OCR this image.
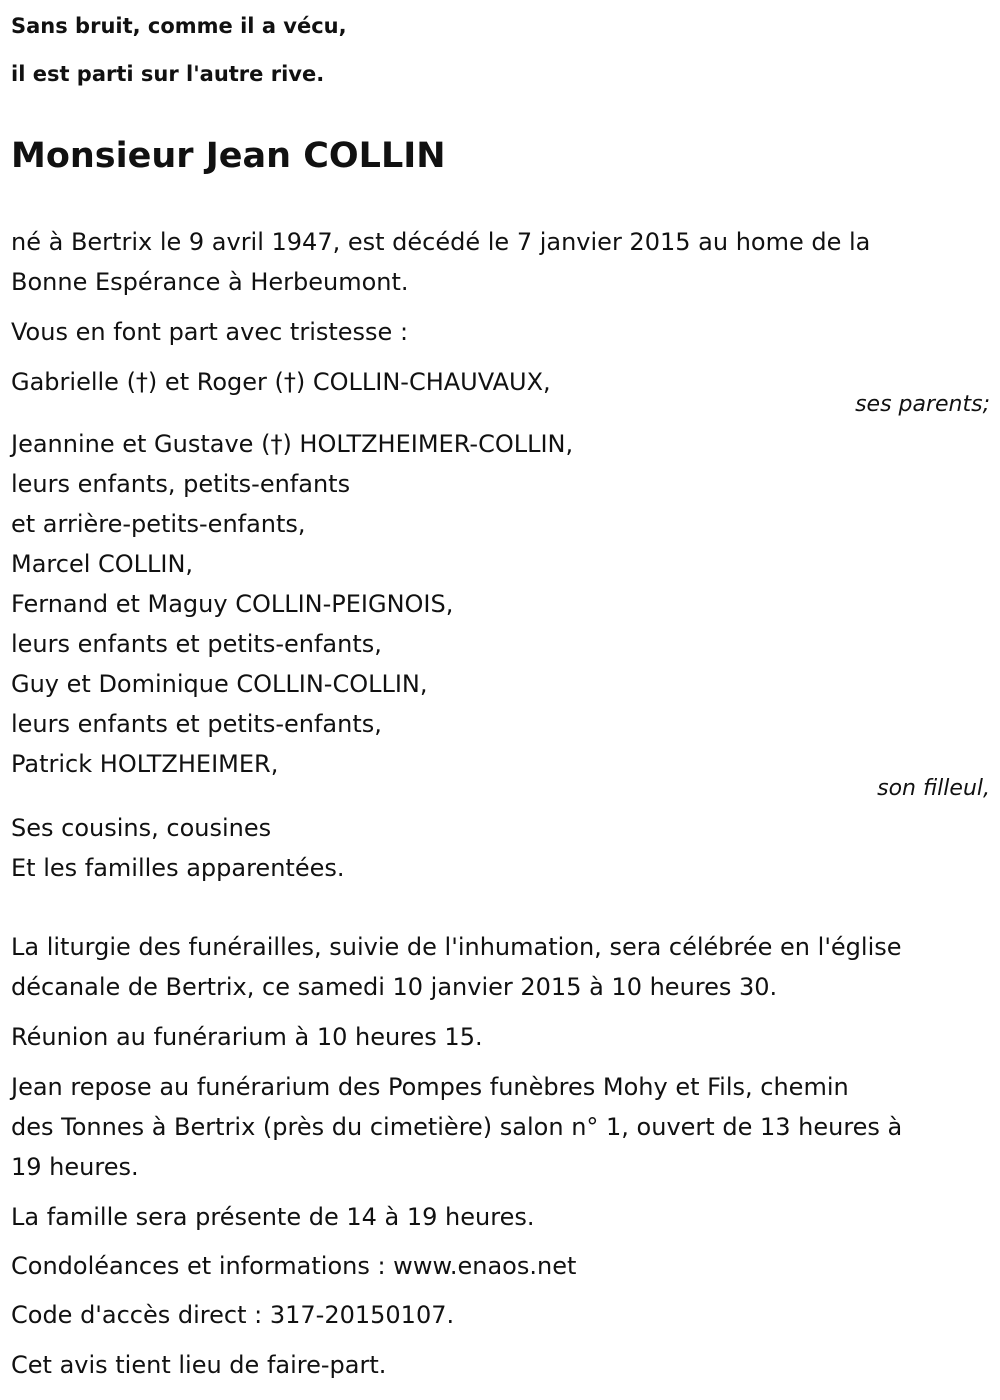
Sans bruit, comme il a vécu,

il est parti sur l'autre rive.

Monsieur Jean COLLIN

né à Bertrix le 9 avril 1947, est décédé le 7 janvier 2015 au home de la

Bonne Espérance à Herbeumont.

Vous en font part avec tristesse :

Gabrielle (†) et Roger (†) COLLIN-CHAUVAUX,

ses parents;

Jeannine et Gustave (†) HOLTZHEIMER-COLLIN,

leurs enfants, petits-enfants

et arrière-petits-enfants,

Marcel COLLIN,

Fernand et Maguy COLLIN-PEIGNOIS,

leurs enfants et petits-enfants,

Guy et Dominique COLLIN-COLLIN,

leurs enfants et petits-enfants,

Patrick HOLTZHEIMER,

son filleul,

Ses cousins, cousines

Et les familles apparentées.

La liturgie des funérailles, suivie de l'inhumation, sera célébrée en l'église

décanale de Bertrix, ce samedi 10 janvier 2015 à 10 heures 30.

Réunion au funérarium à 10 heures 15.

Jean repose au funérarium des Pompes funèbres Mohy et Fils, chemin

des Tonnes à Bertrix (près du cimetière) salon n° 1, ouvert de 13 heures à

19 heures.

La famille sera présente de 14 à 19 heures.

Condoléances et informations : www.enaos.net

Code d'accès direct : 317-20150107.

Cet avis tient lieu de faire-part.
